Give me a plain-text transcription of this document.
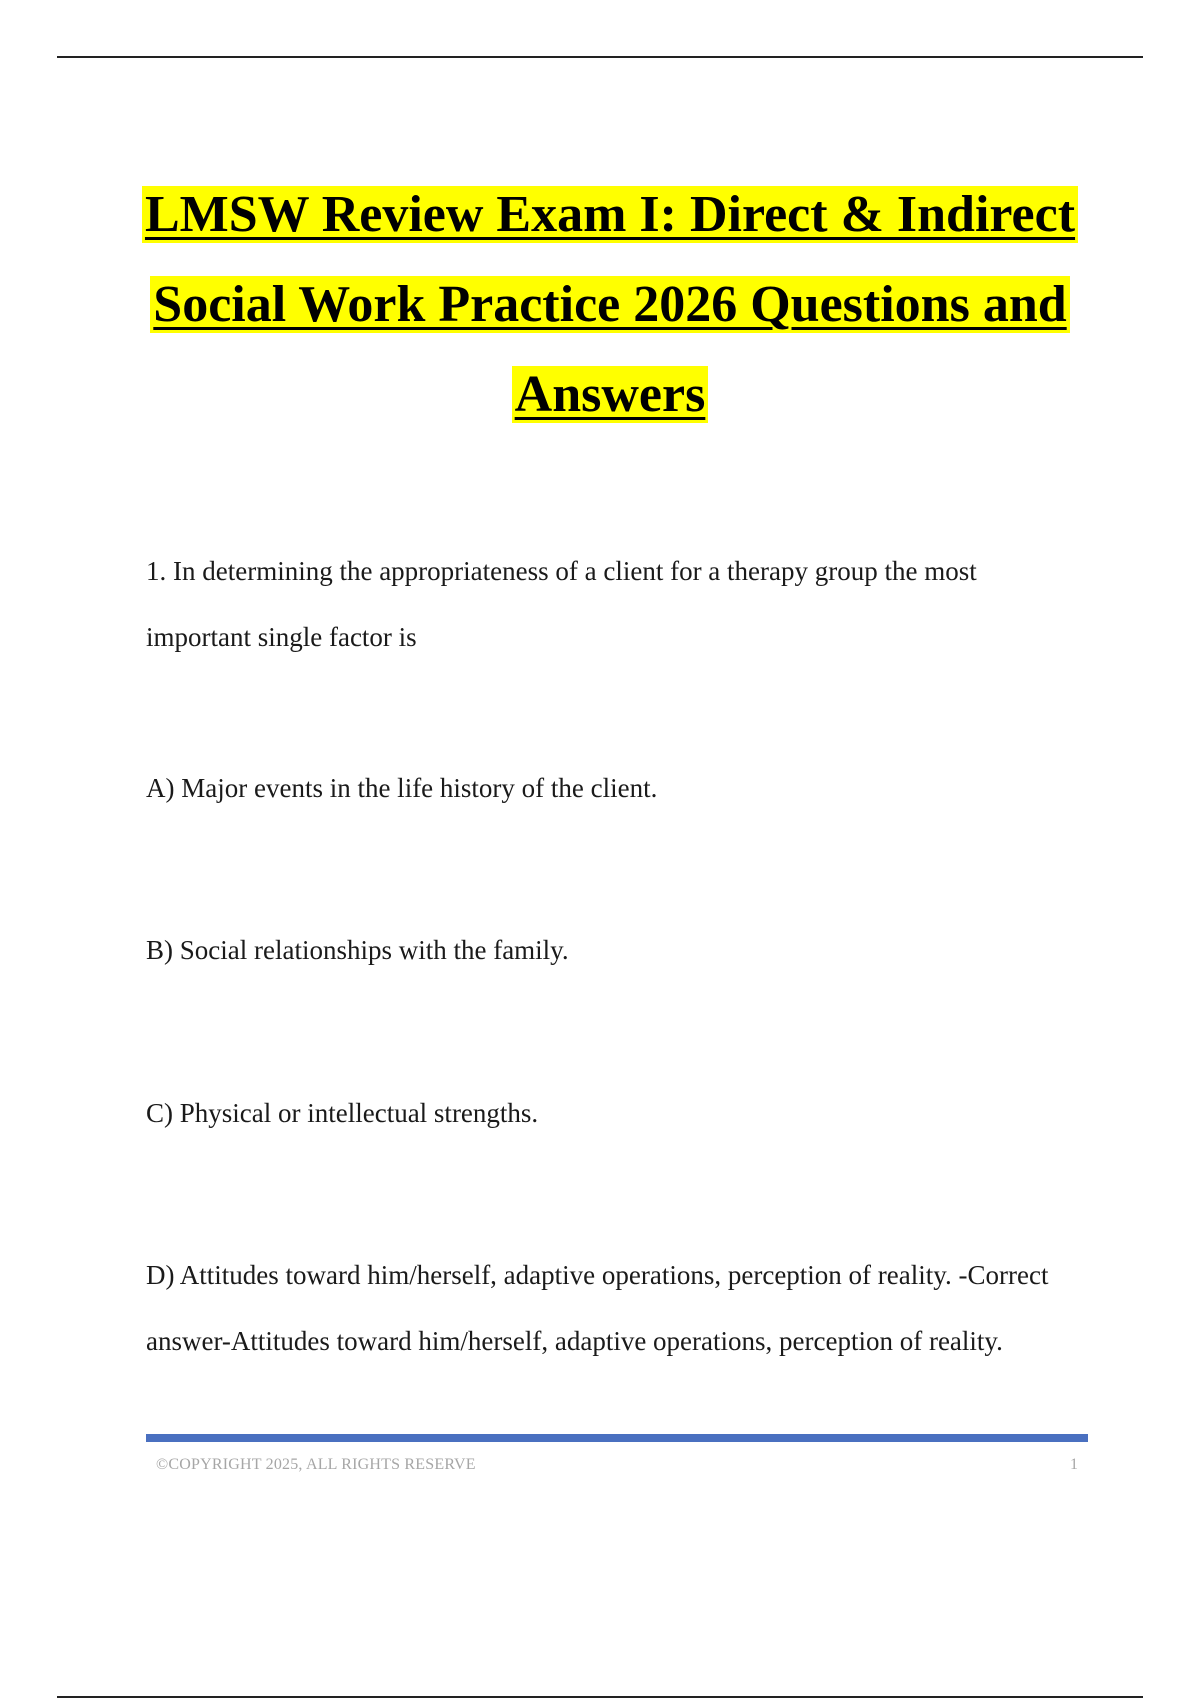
LMSW Review Exam I: Direct & Indirect
Social Work Practice 2026 Questions and
Answers

1. In determining the appropriateness of a client for a therapy group the most important single factor is

A) Major events in the life history of the client.

B) Social relationships with the family.

C) Physical or intellectual strengths.

D) Attitudes toward him/herself, adaptive operations, perception of reality. -Correct answer-Attitudes toward him/herself, adaptive operations, perception of reality.

©COPYRIGHT 2025, ALL RIGHTS RESERVE	1
